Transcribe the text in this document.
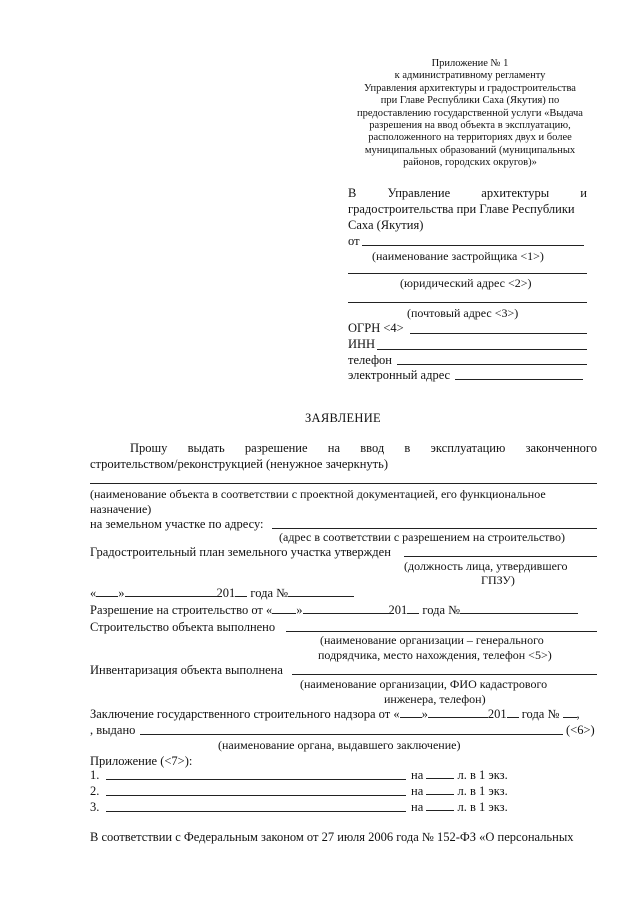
Приложение № 1
к административному регламенту
Управления архитектуры и градостроительства
при Главе Республики Саха (Якутия) по
предоставлению государственной услуги «Выдача
разрешения на ввод объекта в эксплуатацию,
расположенного на территориях двух и более
муниципальных образований (муниципальных
районов, городских округов)»
В Управление архитектуры и
градостроительства при Главе Республики
Саха (Якутия)
от
(наименование застройщика <1>)
(юридический адрес <2>)
(почтовый адрес <3>)
ОГРН <4>
ИНН
телефон
электронный адрес
ЗАЯВЛЕНИЕ
Прошу выдать разрешение на ввод в эксплуатацию законченного
строительством/реконструкцией (ненужное зачеркнуть)
(наименование объекта в соответствии с проектной документацией, его функциональное
назначение)
на земельном участке по адресу:
(адрес в соответствии с разрешением на строительство)
Градостроительный план земельного участка утвержден
(должность лица, утвердившего
ГПЗУ)
« »	201 года №
Разрешение на строительство от « »	201 года №
Строительство объекта выполнено
(наименование организации – генерального
подрядчика, место нахождения, телефон <5>)
Инвентаризация объекта выполнена
(наименование организации, ФИО кадастрового
инженера, телефон)
Заключение государственного строительного надзора от « »	201 года № ,
, выдано	(<6>)
(наименование органа, выдавшего заключение)
Приложение (<7>):
1.	на	л. в 1 экз.
2.	на	л. в 1 экз.
3.	на	л. в 1 экз.
В соответствии с Федеральным законом от 27 июля 2006 года № 152-ФЗ «О персональных
